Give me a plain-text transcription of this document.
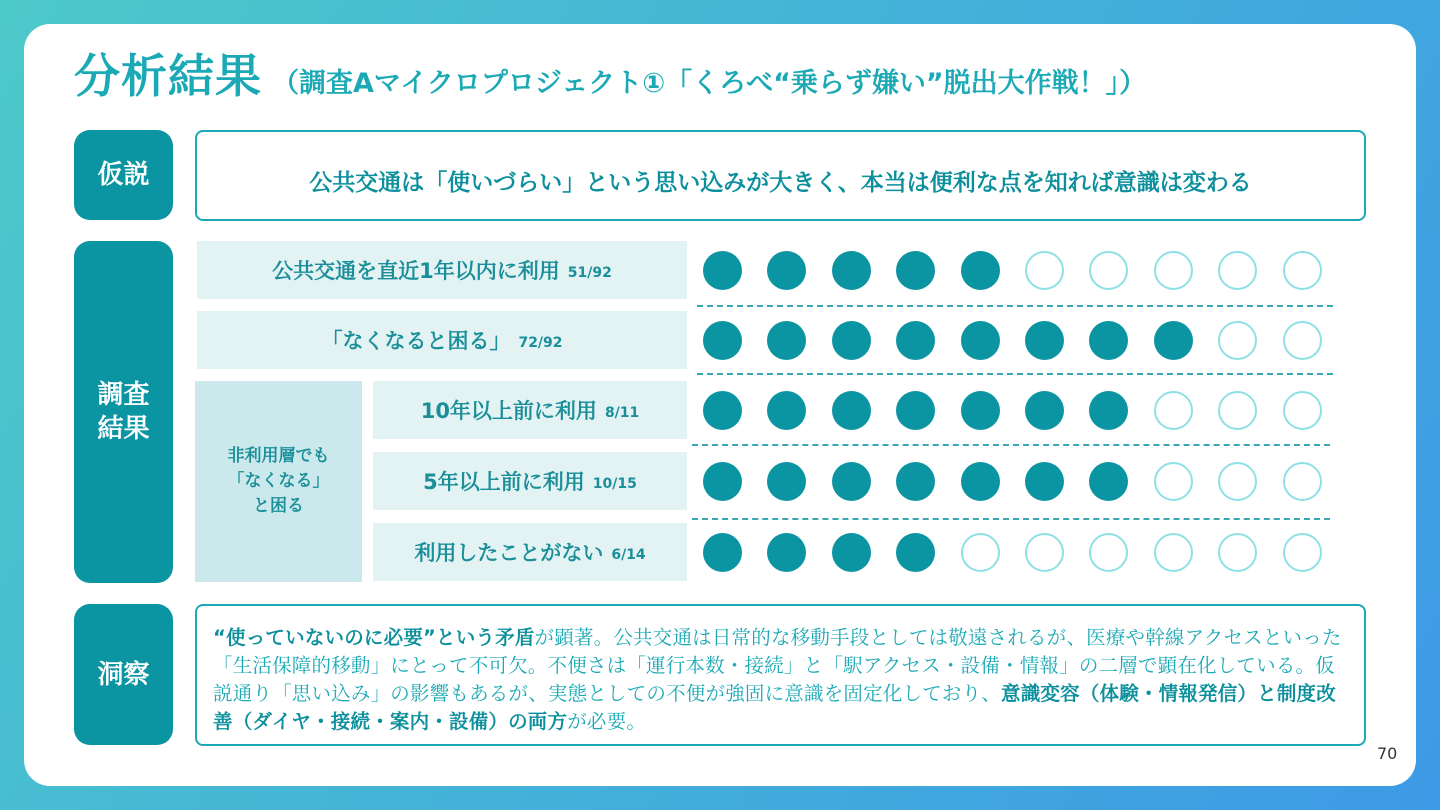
分析結果 （調査Aマイクロプロジェクト①「くろべ“乗らず嫌い”脱出大作戦！」）
仮説
調査
結果
洞察
公共交通は「使いづらい」という思い込みが大きく、本当は便利な点を知れば意識は変わる
非利用層でも
「なくなる」
と困る
公共交通を直近1年以内に利用 51/92
「なくなると困る」 72/92
10年以上前に利用 8/11
5年以上前に利用 10/15
利用したことがない 6/14
“使っていないのに必要”という矛盾が顕著。公共交通は日常的な移動手段としては敬遠されるが、医療や幹線アクセスといった「生活保障的移動」にとって不可欠。不便さは「運行本数・接続」と「駅アクセス・設備・情報」の二層で顕在化している。仮説通り「思い込み」の影響もあるが、実態としての不便が強固に意識を固定化しており、意識変容（体験・情報発信）と制度改善（ダイヤ・接続・案内・設備）の両方が必要。
70
